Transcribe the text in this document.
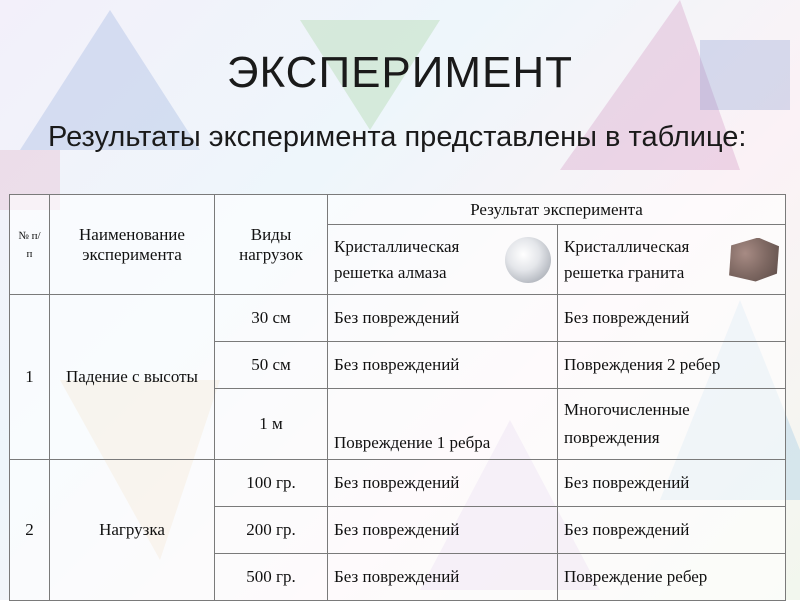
ЭКСПЕРИМЕНТ
Результаты эксперимента представлены в таблице:
№ п/п	Наименование эксперимента	Виды нагрузок	Результат эксперимента	

			Кристаллическая решетка алмаза	Кристаллическая решетка гранита

1	Падение с высоты	30 см	Без повреждений	Без повреждений
		50 см	Без повреждений	Повреждения 2 ребер
		1 м	Повреждение 1 ребра	Многочисленные повреждения
2	Нагрузка	100 гр.	Без повреждений	Без повреждений
		200 гр.	Без повреждений	Без повреждений
		500 гр.	Без повреждений	Повреждение ребер
